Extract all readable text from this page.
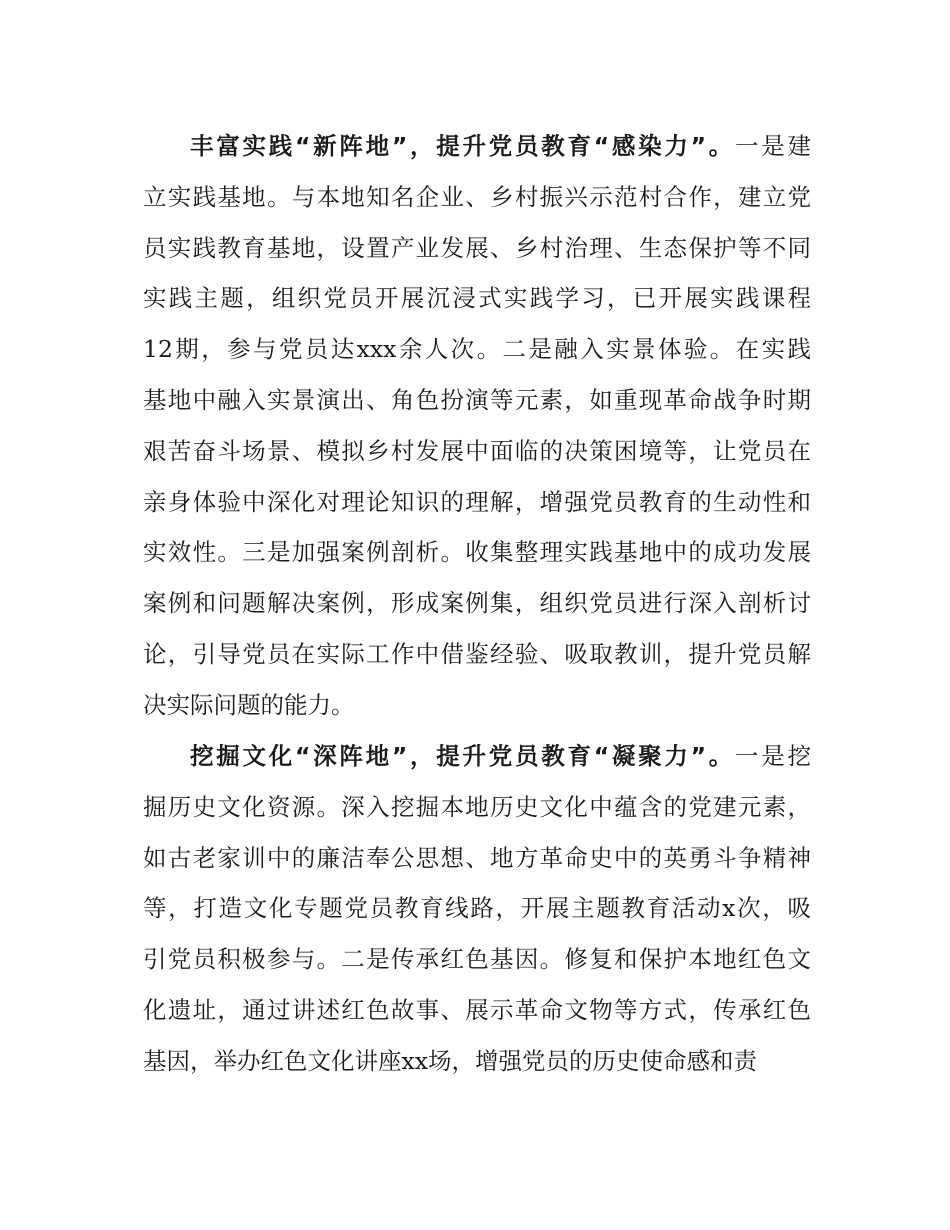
丰富实践“新阵地”，提升党员教育“感染力”。一是建
立实践基地。与本地知名企业、乡村振兴示范村合作，建立党
员实践教育基地，设置产业发展、乡村治理、生态保护等不同
实践主题，组织党员开展沉浸式实践学习，已开展实践课程
12期，参与党员达xxx余人次。二是融入实景体验。在实践
基地中融入实景演出、角色扮演等元素，如重现革命战争时期
艰苦奋斗场景、模拟乡村发展中面临的决策困境等，让党员在
亲身体验中深化对理论知识的理解，增强党员教育的生动性和
实效性。三是加强案例剖析。收集整理实践基地中的成功发展
案例和问题解决案例，形成案例集，组织党员进行深入剖析讨
论，引导党员在实际工作中借鉴经验、吸取教训，提升党员解
决实际问题的能力。
挖掘文化“深阵地”，提升党员教育“凝聚力”。一是挖
掘历史文化资源。深入挖掘本地历史文化中蕴含的党建元素，
如古老家训中的廉洁奉公思想、地方革命史中的英勇斗争精神
等，打造文化专题党员教育线路，开展主题教育活动x次，吸
引党员积极参与。二是传承红色基因。修复和保护本地红色文
化遗址，通过讲述红色故事、展示革命文物等方式，传承红色
基因，举办红色文化讲座xx场，增强党员的历史使命感和责
